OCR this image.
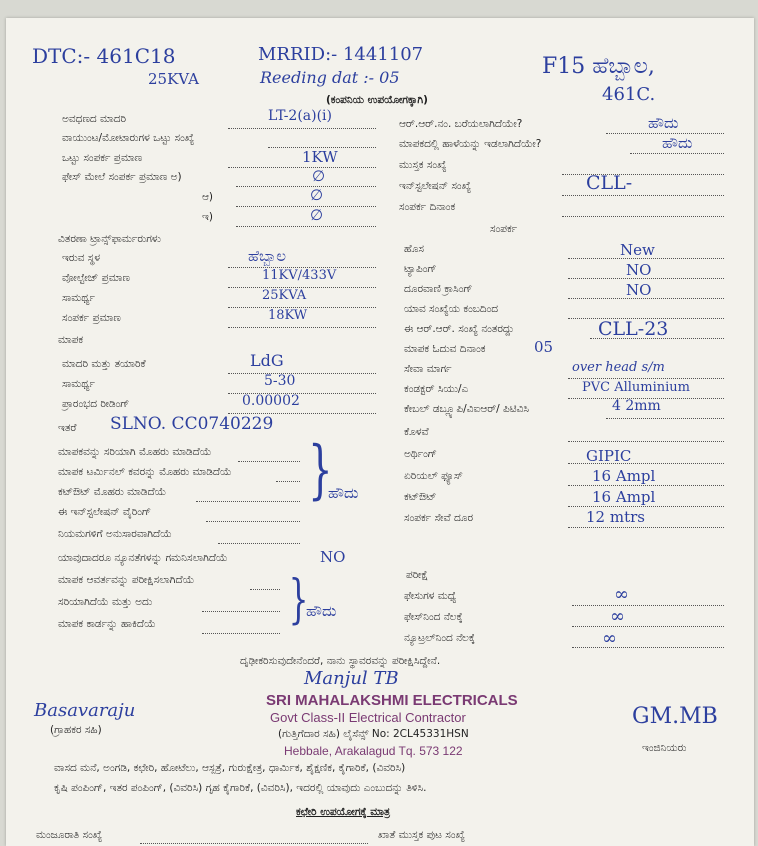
DTC:- 461C18	MRRID:- 1441107
25KVA	Reeding dat :- 05	F15 ಹೆಬ್ಬಾಲ,
461C.
(ಕಂಪನಿಯ ಉಪಯೋಗಕ್ಕಾಗಿ)
ಅವಧಣದ ಮಾದರಿ	LT-2(a)(i)
ವಾಯುಂಟ/ಮೋಟಾರುಗಳ ಒಟ್ಟು ಸಂಖ್ಯೆ
ಒಟ್ಟು ಸಂಪರ್ಕ ಪ್ರಮಾಣ	1KW
ಫೇಸ್ ಮೇಲೆ ಸಂಪರ್ಕ ಪ್ರಮಾಣ ಅ)	∅
ಆ)	∅
ಇ)	∅
ವಿತರಣಾ ಟ್ರಾನ್ಸ್‌ಫಾರ್ಮರುಗಳು
ಇರುವ ಸ್ಥಳ	ಹೆಬ್ಬಾಲ
ವೋಲ್ಟೇಜ್ ಪ್ರಮಾಣ	11KV/433V
ಸಾಮರ್ಥ್ಯ	25KVA
ಸಂಪರ್ಕ ಪ್ರಮಾಣ	18KW
ಮಾಪಕ
ಮಾದರಿ ಮತ್ತು ತಯಾರಿಕೆ	LdG
ಸಾಮರ್ಥ್ಯ	5-30
ಪ್ರಾರಂಭದ ರೀಡಿಂಗ್	0.00002
ಇತರೆ SLNO. CC0740229
ಮಾಪಕವನ್ನು ಸರಿಯಾಗಿ ಮೊಹರು ಮಾಡಿದೆಯೆ
ಮಾಪಕ ಟರ್ಮಿನಲ್ ಕವರನ್ನು ಮೊಹರು ಮಾಡಿದೆಯೆ
ಕಟ್‌ಔಟ್ ಮೊಹರು ಮಾಡಿದೆಯೆ
ಈ ಇನ್‌ಸ್ಟಲೇಷನ್ ವೈರಿಂಗ್
ನಿಯಮಗಳಿಗೆ ಅನುಸಾರವಾಗಿದೆಯೆ
}
ಹೌದು
ಯಾವುದಾದರೂ ನ್ಯೂನತೆಗಳನ್ನು ಗಮನಿಸಲಾಗಿದೆಯೆ	NO
ಮಾಪಕ ಆವರ್ತವನ್ನು ಪರೀಕ್ಷಿಸಲಾಗಿದೆಯೆ
ಸರಿಯಾಗಿದೆಯೆ ಮತ್ತು ಅದು
ಮಾಪಕ ಕಾರ್ಡನ್ನು ಹಾಕಿದೆಯೆ	}
ಹೌದು
ಆರ್.ಆರ್.ನಂ. ಬರೆಯಲಾಗಿದೆಯೇ?	ಹೌದು
ಮಾಪಕದಲ್ಲಿ ಹಾಳೆಯನ್ನು ಇಡಲಾಗಿದೆಯೇ?	ಹೌದು
ಮುಸ್ತಕ ಸಂಖ್ಯೆ
ಇನ್‌ಸ್ಟಲೇಷನ್ ಸಂಖ್ಯೆ	CLL-
ಸಂಪರ್ಕ ದಿನಾಂಕ
ಸಂಪರ್ಕ
ಹೊಸ	New
ಟ್ಯಾಪಿಂಗ್	NO
ದೂರವಾಣಿ ಕ್ರಾಸಿಂಗ್	NO
ಯಾವ ಸಂಖ್ಯೆಯ ಕಂಬದಿಂದ
ಈ ಆರ್.ಆರ್. ಸಂಖ್ಯೆ ನಂತರದ್ದು	CLL-23
ಮಾಪಕ ಓದುವ ದಿನಾಂಕ	05
ಸೇವಾ ಮಾರ್ಗ	over head s/m
ಕಂಡಕ್ಟರ್ ಸಿಯು/ಎ	PVC Alluminium
ಕೇಬಲ್ ಡಬ್ಲ್ಯೂಪಿ/ವಿಐಆರ್/ ಪಿಟಿವಿಸಿ	4 2mm
ಕೊಳವೆ
ಅರ್ಥಿಂಗ್	GIPIC
ಏರಿಯಲ್ ಫ್ಯೂಸ್	16 Ampl
ಕಟ್‌ಔಟ್	16 Ampl
ಸಂಪರ್ಕ ಸೇವೆ ದೂರ	12 mtrs
ಪರೀಕ್ಷೆ
ಫೇಸುಗಳ ಮಧ್ಯೆ	∞
ಫೇಸ್‌ನಿಂದ ನೆಲಕ್ಕೆ	∞
ನ್ಯೂಟ್ರಲ್‌ನಿಂದ ನೆಲಕ್ಕೆ	∞
ದೃಢೀಕರಿಸುವುದೇನೆಂದರೆ, ನಾನು ಸ್ಥಾವರವನ್ನು ಪರೀಕ್ಷಿಸಿದ್ದೇನೆ.
Manjul TB
SRI MAHALAKSHMI ELECTRICALS
Govt Class-II Electrical Contractor
(ಗುತ್ತಿಗೆದಾರ ಸಹಿ) ಲೈಸೆನ್ಸ್ No: 2CL45331HSN
Hebbale, Arakalagud Tq. 573 122
Basavaraju
(ಗ್ರಾಹಕರ ಸಹಿ)
GM.MB
ಇಂಜಿನಿಯರು
ವಾಸದ ಮನೆ, ಅಂಗಡಿ, ಕಛೇರಿ, ಹೋಟೆಲು, ಆಸ್ಪತ್ರೆ, ಗುರುಕ್ಷೇತ್ರ, ಧಾರ್ಮಿಕ, ಶೈಕ್ಷಣಿಕ, ಕೈಗಾರಿಕೆ, (ವಿವರಿಸಿ)
ಕೃಷಿ ಪಂಪಿಂಗ್, ಇತರ ಪಂಪಿಂಗ್, (ವಿವರಿಸಿ) ಗೃಹ ಕೈಗಾರಿಕೆ, (ವಿವರಿಸಿ), ಇದರಲ್ಲಿ ಯಾವುದು ಎಂಬುದನ್ನು ತಿಳಿಸಿ.
ಕಛೇರಿ ಉಪಯೋಗಕ್ಕೆ ಮಾತ್ರ
ಮಂಜೂರಾತಿ ಸಂಖ್ಯೆ	ಖಾತೆ ಮುಸ್ತಕ ಪುಟ ಸಂಖ್ಯೆ
